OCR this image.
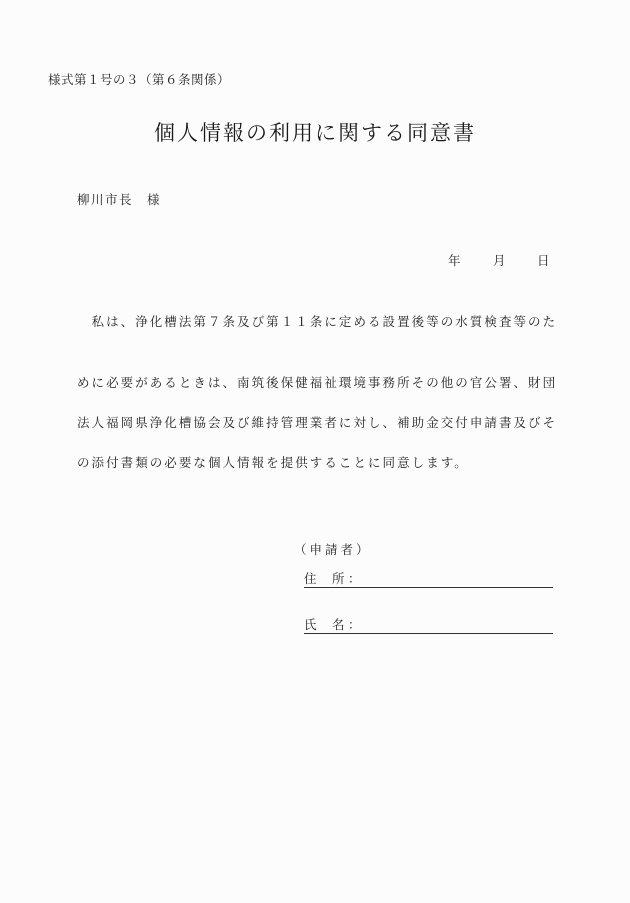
様式第１号の３（第６条関係）
個人情報の利用に関する同意書
柳川市長　様
年	月	日
　私は、浄化槽法第７条及び第１１条に定める設置後等の水質検査等のた
めに必要があるときは、南筑後保健福祉環境事務所その他の官公署、財団
法人福岡県浄化槽協会及び維持管理業者に対し、補助金交付申請書及びそ
の添付書類の必要な個人情報を提供することに同意します。
（申請者）
住 所 ：
氏 名 ：
